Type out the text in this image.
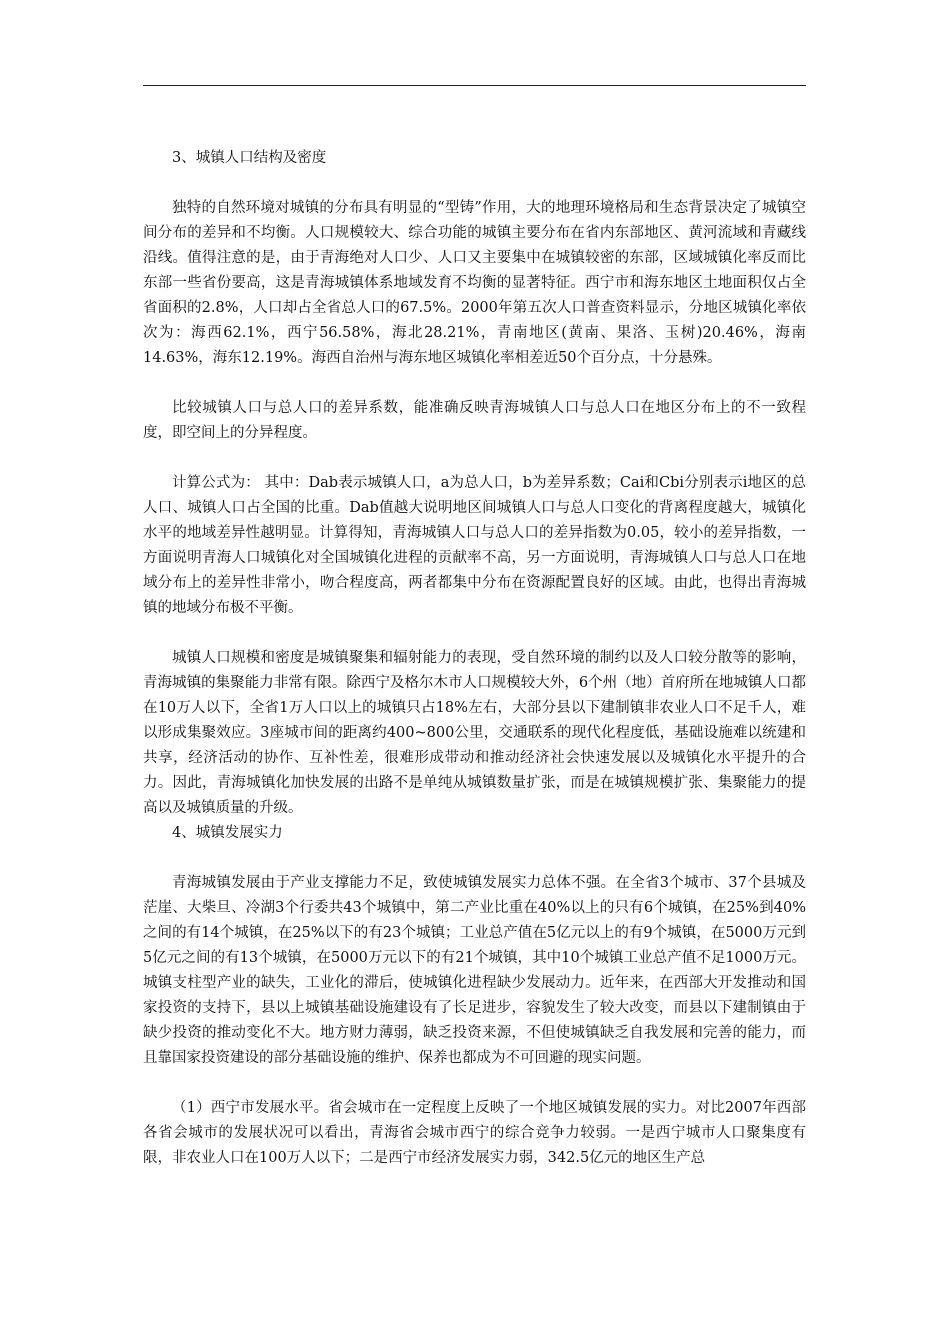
3、城镇人口结构及密度

独特的自然环境对城镇的分布具有明显的“型铸”作用，大的地理环境格局和生态背景决定了城镇空间分布的差异和不均衡。人口规模较大、综合功能的城镇主要分布在省内东部地区、黄河流域和青藏线沿线。值得注意的是，由于青海绝对人口少、人口又主要集中在城镇较密的东部，区域城镇化率反而比东部一些省份要高，这是青海城镇体系地域发育不均衡的显著特征。西宁市和海东地区土地面积仅占全省面积的2.8%，人口却占全省总人口的67.5%。2000年第五次人口普查资料显示，分地区城镇化率依次为：海西62.1%，西宁56.58%，海北28.21%，青南地区(黄南、果洛、玉树)20.46%，海南14.63%，海东12.19%。海西自治州与海东地区城镇化率相差近50个百分点，十分悬殊。

比较城镇人口与总人口的差异系数，能准确反映青海城镇人口与总人口在地区分布上的不一致程度，即空间上的分异程度。

计算公式为： 其中：Dab表示城镇人口，a为总人口，b为差异系数；Cai和Cbi分别表示i地区的总人口、城镇人口占全国的比重。Dab值越大说明地区间城镇人口与总人口变化的背离程度越大，城镇化水平的地域差异性越明显。计算得知，青海城镇人口与总人口的差异指数为0.05，较小的差异指数，一方面说明青海人口城镇化对全国城镇化进程的贡献率不高，另一方面说明，青海城镇人口与总人口在地域分布上的差异性非常小，吻合程度高，两者都集中分布在资源配置良好的区域。由此，也得出青海城镇的地域分布极不平衡。

城镇人口规模和密度是城镇聚集和辐射能力的表现，受自然环境的制约以及人口较分散等的影响，青海城镇的集聚能力非常有限。除西宁及格尔木市人口规模较大外，6个州（地）首府所在地城镇人口都在10万人以下，全省1万人口以上的城镇只占18%左右，大部分县以下建制镇非农业人口不足千人，难以形成集聚效应。3座城市间的距离约400~800公里，交通联系的现代化程度低，基础设施难以统建和共享，经济活动的协作、互补性差，很难形成带动和推动经济社会快速发展以及城镇化水平提升的合力。因此，青海城镇化加快发展的出路不是单纯从城镇数量扩张，而是在城镇规模扩张、集聚能力的提高以及城镇质量的升级。

4、城镇发展实力

青海城镇发展由于产业支撑能力不足，致使城镇发展实力总体不强。在全省3个城市、37个县城及茫崖、大柴旦、冷湖3个行委共43个城镇中，第二产业比重在40%以上的只有6个城镇，在25%到40%之间的有14个城镇，在25%以下的有23个城镇；工业总产值在5亿元以上的有9个城镇，在5000万元到5亿元之间的有13个城镇，在5000万元以下的有21个城镇，其中10个城镇工业总产值不足1000万元。城镇支柱型产业的缺失，工业化的滞后，使城镇化进程缺少发展动力。近年来，在西部大开发推动和国家投资的支持下，县以上城镇基础设施建设有了长足进步，容貌发生了较大改变，而县以下建制镇由于缺少投资的推动变化不大。地方财力薄弱，缺乏投资来源，不但使城镇缺乏自我发展和完善的能力，而且靠国家投资建设的部分基础设施的维护、保养也都成为不可回避的现实问题。

（1）西宁市发展水平。省会城市在一定程度上反映了一个地区城镇发展的实力。对比2007年西部各省会城市的发展状况可以看出，青海省会城市西宁的综合竞争力较弱。一是西宁城市人口聚集度有限，非农业人口在100万人以下；二是西宁市经济发展实力弱，342.5亿元的地区生产总
